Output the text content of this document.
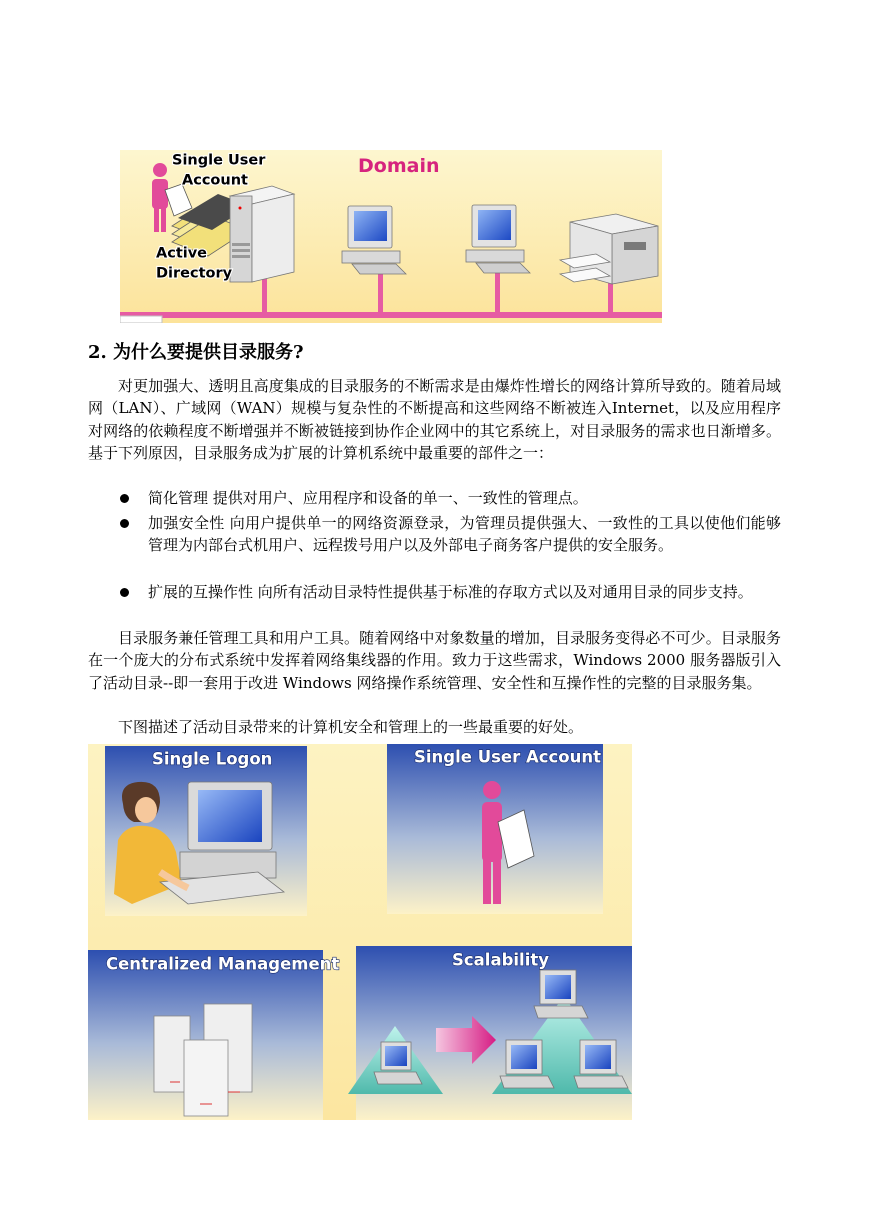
Single User
Account
Domain
Active
Directory
2. 为什么要提供目录服务?

对更加强大、透明且高度集成的目录服务的不断需求是由爆炸性增长的网络计算所导致的。随着局域网（LAN）、广域网（WAN）规模与复杂性的不断提高和这些网络不断被连入Internet，以及应用程序对网络的依赖程度不断增强并不断被链接到协作企业网中的其它系统上，对目录服务的需求也日渐增多。基于下列原因，目录服务成为扩展的计算机系统中最重要的部件之一：

简化管理 提供对用户、应用程序和设备的单一、一致性的管理点。
加强安全性 向用户提供单一的网络资源登录，为管理员提供强大、一致性的工具以使他们能够管理为内部台式机用户、远程拨号用户以及外部电子商务客户提供的安全服务。
扩展的互操作性 向所有活动目录特性提供基于标准的存取方式以及对通用目录的同步支持。

目录服务兼任管理工具和用户工具。随着网络中对象数量的增加，目录服务变得必不可少。目录服务在一个庞大的分布式系统中发挥着网络集线器的作用。致力于这些需求，Windows 2000 服务器版引入了活动目录--即一套用于改进 Windows 网络操作系统管理、安全性和互操作性的完整的目录服务集。

下图描述了活动目录带来的计算机安全和管理上的一些最重要的好处。

Single Logon	Single User Account
Centralized Management	Scalability
